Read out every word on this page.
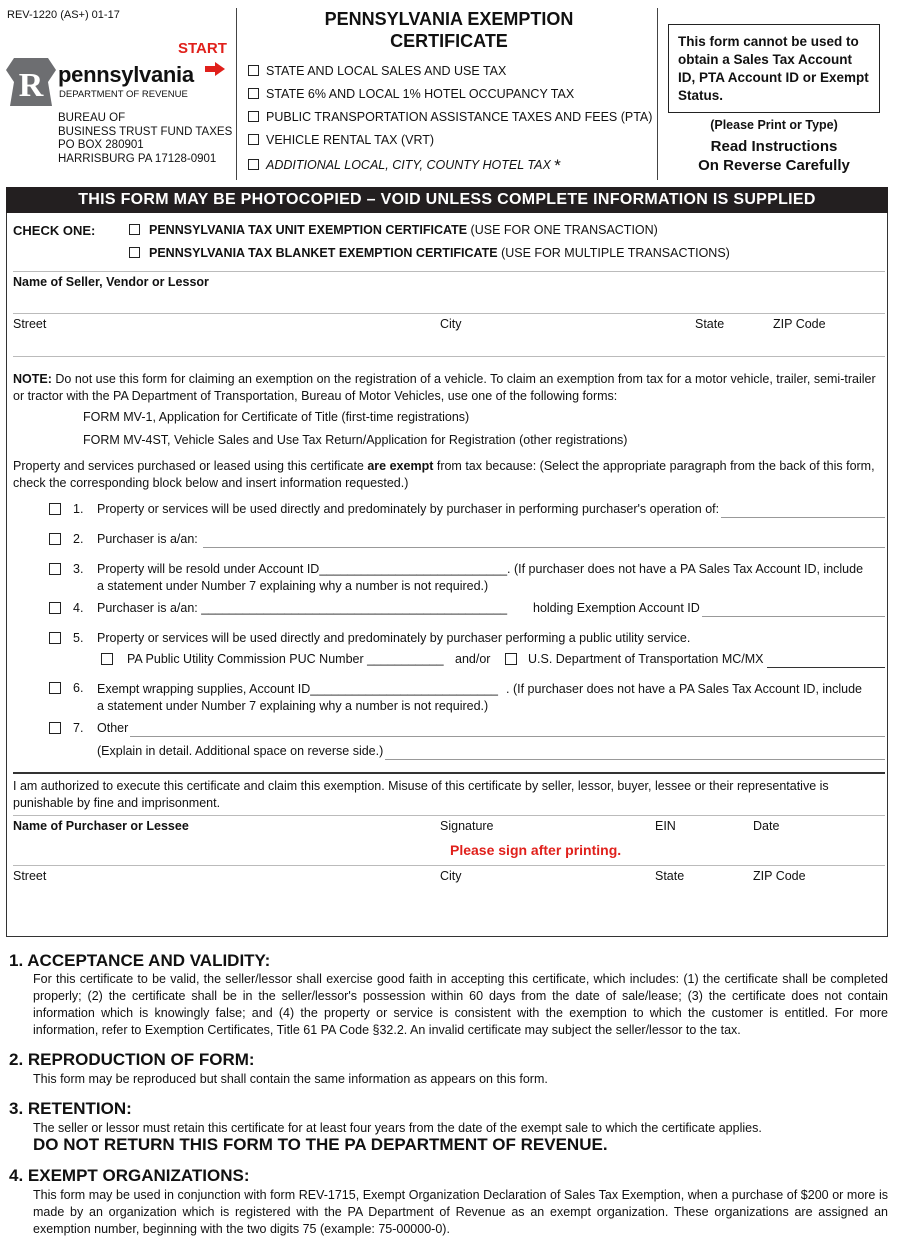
REV-1220 (AS+) 01-17
START
R pennsylvania
DEPARTMENT OF REVENUE
BUREAU OF
BUSINESS TRUST FUND TAXES
PO BOX 280901
HARRISBURG PA 17128-0901
PENNSYLVANIA EXEMPTION
CERTIFICATE
STATE AND LOCAL SALES AND USE TAX
STATE 6% AND LOCAL 1% HOTEL OCCUPANCY TAX
PUBLIC TRANSPORTATION ASSISTANCE TAXES AND FEES (PTA)
VEHICLE RENTAL TAX (VRT)
ADDITIONAL LOCAL, CITY, COUNTY HOTEL TAX *
This form cannot be used to obtain a Sales Tax Account ID, PTA Account ID or Exempt Status.
(Please Print or Type)
Read Instructions
On Reverse Carefully
THIS FORM MAY BE PHOTOCOPIED – VOID UNLESS COMPLETE INFORMATION IS SUPPLIED
CHECK ONE:	PENNSYLVANIA TAX UNIT EXEMPTION CERTIFICATE (USE FOR ONE TRANSACTION)
PENNSYLVANIA TAX BLANKET EXEMPTION CERTIFICATE (USE FOR MULTIPLE TRANSACTIONS)
Name of Seller, Vendor or Lessor
Street	City	State	ZIP Code
NOTE: Do not use this form for claiming an exemption on the registration of a vehicle. To claim an exemption from tax for a motor vehicle, trailer, semi-trailer
or tractor with the PA Department of Transportation, Bureau of Motor Vehicles, use one of the following forms:
FORM MV-1, Application for Certificate of Title (first-time registrations)
FORM MV-4ST, Vehicle Sales and Use Tax Return/Application for Registration (other registrations)
Property and services purchased or leased using this certificate are exempt from tax because: (Select the appropriate paragraph from the back of this form,
check the corresponding block below and insert information requested.)
1. Property or services will be used directly and predominately by purchaser in performing purchaser's operation of:
2. Purchaser is a/an:
3. Property will be resold under Account ID___________________________. (If purchaser does not have a PA Sales Tax Account ID, include
a statement under Number 7 explaining why a number is not required.)
4. Purchaser is a/an: ____________________________________________ holding Exemption Account ID
5. Property or services will be used directly and predominately by purchaser performing a public utility service.
PA Public Utility Commission PUC Number ___________ and/or	U.S. Department of Transportation MC/MX
6. Exempt wrapping supplies, Account ID___________________________ . (If purchaser does not have a PA Sales Tax Account ID, include
a statement under Number 7 explaining why a number is not required.)
7. Other
(Explain in detail. Additional space on reverse side.)
I am authorized to execute this certificate and claim this exemption. Misuse of this certificate by seller, lessor, buyer, lessee or their representative is
punishable by fine and imprisonment.
Name of Purchaser or Lessee	Signature	EIN	Date
Please sign after printing.
Street	City	State	ZIP Code
1. ACCEPTANCE AND VALIDITY:
For this certificate to be valid, the seller/lessor shall exercise good faith in accepting this certificate, which includes: (1) the certificate shall be completed properly; (2) the certificate shall be in the seller/lessor's possession within 60 days from the date of sale/lease; (3) the certificate does not contain information which is knowingly false; and (4) the property or service is consistent with the exemption to which the customer is entitled. For more information, refer to Exemption Certificates, Title 61 PA Code §32.2. An invalid certificate may subject the seller/lessor to the tax.
2. REPRODUCTION OF FORM:
This form may be reproduced but shall contain the same information as appears on this form.
3. RETENTION:
The seller or lessor must retain this certificate for at least four years from the date of the exempt sale to which the certificate applies.
DO NOT RETURN THIS FORM TO THE PA DEPARTMENT OF REVENUE.
4. EXEMPT ORGANIZATIONS:
This form may be used in conjunction with form REV-1715, Exempt Organization Declaration of Sales Tax Exemption, when a purchase of $200 or more is made by an organization which is registered with the PA Department of Revenue as an exempt organization. These organizations are assigned an exemption number, beginning with the two digits 75 (example: 75-00000-0).
